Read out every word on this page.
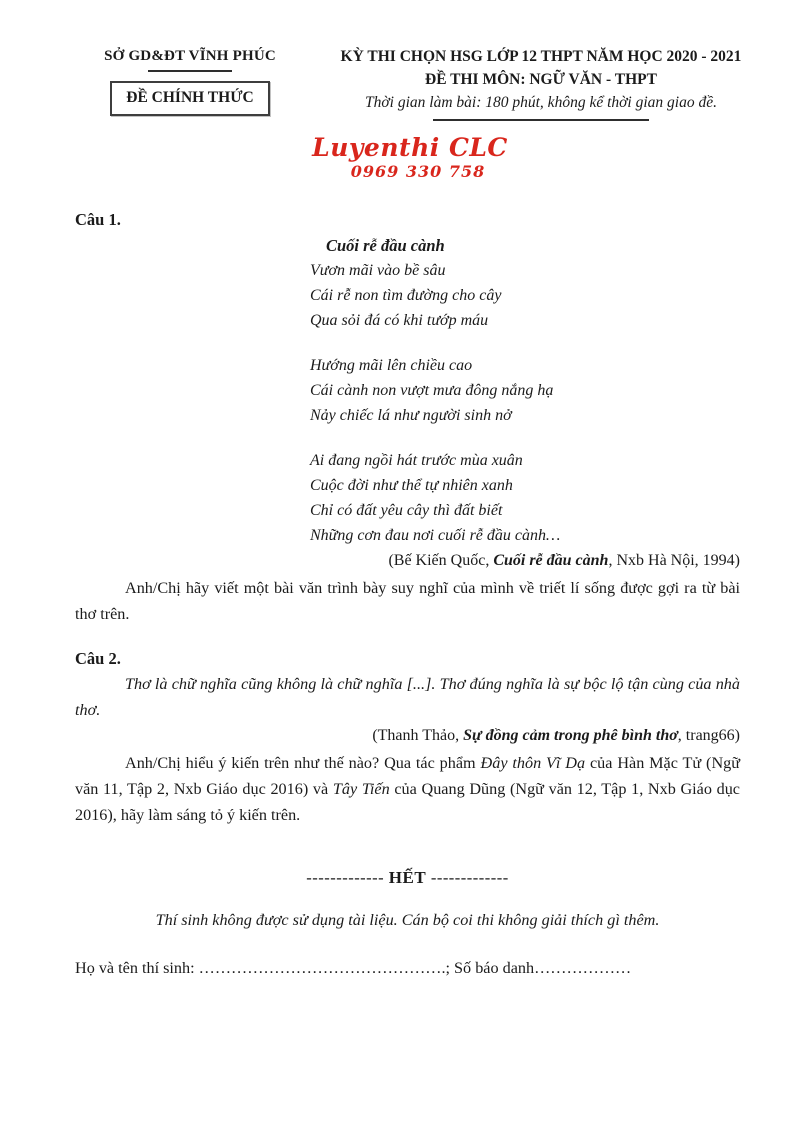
SỞ GD&ĐT VĨNH PHÚC
ĐỀ CHÍNH THỨC
KỲ THI CHỌN HSG LỚP 12 THPT NĂM HỌC 2020 - 2021
ĐỀ THI MÔN: NGỮ VĂN - THPT
Thời gian làm bài: 180 phút, không kể thời gian giao đề.
Luyenthi CLC
0969 330 758
Câu 1.
Cuối rễ đầu cành
Vươn mãi vào bề sâu
Cái rễ non tìm đường cho cây
Qua sỏi đá có khi tướp máu
Hướng mãi lên chiều cao
Cái cành non vượt mưa đông nắng hạ
Nảy chiếc lá như người sinh nở
Ai đang ngồi hát trước mùa xuân
Cuộc đời như thể tự nhiên xanh
Chỉ có đất yêu cây thì đất biết
Những cơn đau nơi cuối rễ đầu cành…
(Bế Kiến Quốc, Cuối rễ đầu cành, Nxb Hà Nội, 1994)

Anh/Chị hãy viết một bài văn trình bày suy nghĩ của mình về triết lí sống được gợi ra từ bài thơ trên.

Câu 2.

Thơ là chữ nghĩa cũng không là chữ nghĩa [...]. Thơ đúng nghĩa là sự bộc lộ tận cùng của nhà thơ.

(Thanh Thảo, Sự đồng cảm trong phê bình thơ, trang66)

Anh/Chị hiểu ý kiến trên như thế nào? Qua tác phẩm Đây thôn Vĩ Dạ của Hàn Mặc Tử (Ngữ văn 11, Tập 2, Nxb Giáo dục 2016) và Tây Tiến của Quang Dũng (Ngữ văn 12, Tập 1, Nxb Giáo dục 2016), hãy làm sáng tỏ ý kiến trên.

------------- HẾT -------------
Thí sinh không được sử dụng tài liệu. Cán bộ coi thi không giải thích gì thêm.
Họ và tên thí sinh: ……………………………………….; Số báo danh………………
